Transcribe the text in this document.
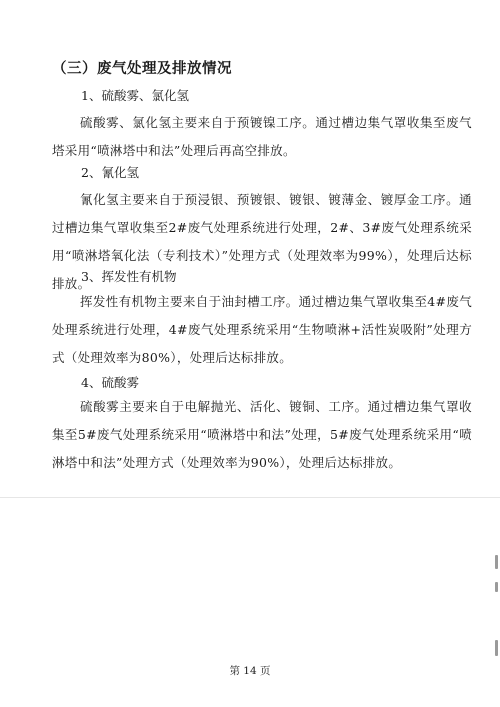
（三）废气处理及排放情况
1、硫酸雾、氯化氢
硫酸雾、氯化氢主要来自于预镀镍工序。通过槽边集气罩收集至废气塔采用“喷淋塔中和法”处理后再高空排放。
2、氰化氢
氰化氢主要来自于预浸银、预镀银、镀银、镀薄金、镀厚金工序。通过槽边集气罩收集至2#废气处理系统进行处理，2#、3#废气处理系统采用“喷淋塔氧化法（专利技术）”处理方式（处理效率为99%），处理后达标排放。
3、挥发性有机物
挥发性有机物主要来自于油封槽工序。通过槽边集气罩收集至4#废气处理系统进行处理，4#废气处理系统采用“生物喷淋+活性炭吸附”处理方式（处理效率为80%），处理后达标排放。
4、硫酸雾
硫酸雾主要来自于电解抛光、活化、镀铜、工序。通过槽边集气罩收集至5#废气处理系统采用“喷淋塔中和法”处理，5#废气处理系统采用“喷淋塔中和法”处理方式（处理效率为90%），处理后达标排放。
第 14 页
